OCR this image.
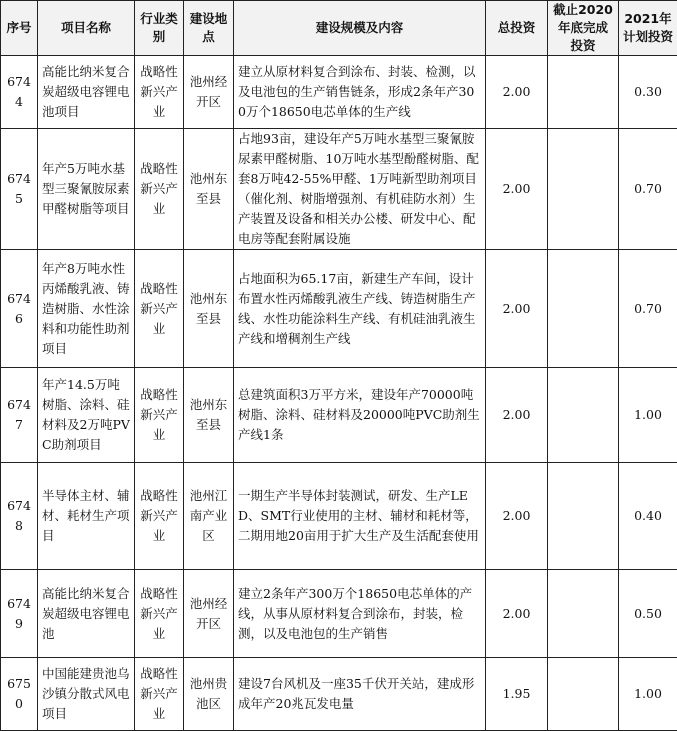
序号	项目名称	行业类别	建设地点	建设规模及内容	总投资	截止2020年底完成投资	2021年计划投资
6744	高能比纳米复合炭超级电容锂电池项目	战略性新兴产业	池州经开区	建立从原材料复合到涂布、封装、检测，以及电池包的生产销售链条，形成2条年产300万个18650电芯单体的生产线	2.00		0.30
6745	年产5万吨水基型三聚氰胺尿素甲醛树脂等项目	战略性新兴产业	池州东至县	占地93亩，建设年产5万吨水基型三聚氰胺尿素甲醛树脂、10万吨水基型酚醛树脂、配套8万吨42-55%甲醛、1万吨新型助剂项目（催化剂、树脂增强剂、有机硅防水剂）生产装置及设备和相关办公楼、研发中心、配电房等配套附属设施	2.00		0.70
6746	年产8万吨水性丙烯酸乳液、铸造树脂、水性涂料和功能性助剂项目	战略性新兴产业	池州东至县	占地面积为65.17亩，新建生产车间，设计布置水性丙烯酸乳液生产线、铸造树脂生产线、水性功能涂料生产线、有机硅油乳液生产线和增稠剂生产线	2.00		0.70
6747	年产14.5万吨树脂、涂料、硅材料及2万吨PVC助剂项目	战略性新兴产业	池州东至县	总建筑面积3万平方米，建设年产70000吨树脂、涂料、硅材料及20000吨PVC助剂生产线1条	2.00		1.00
6748	半导体主材、辅材、耗材生产项目	战略性新兴产业	池州江南产业区	一期生产半导体封装测试，研发、生产LED、SMT行业使用的主材、辅材和耗材等，二期用地20亩用于扩大生产及生活配套使用	2.00		0.40
6749	高能比纳米复合炭超级电容锂电池	战略性新兴产业	池州经开区	建立2条年产300万个18650电芯单体的产线，从事从原材料复合到涂布，封装，检测，以及电池包的生产销售	2.00		0.50
6750	中国能建贵池乌沙镇分散式风电项目	战略性新兴产业	池州贵池区	建设7台风机及一座35千伏开关站，建成形成年产20兆瓦发电量	1.95		1.00
